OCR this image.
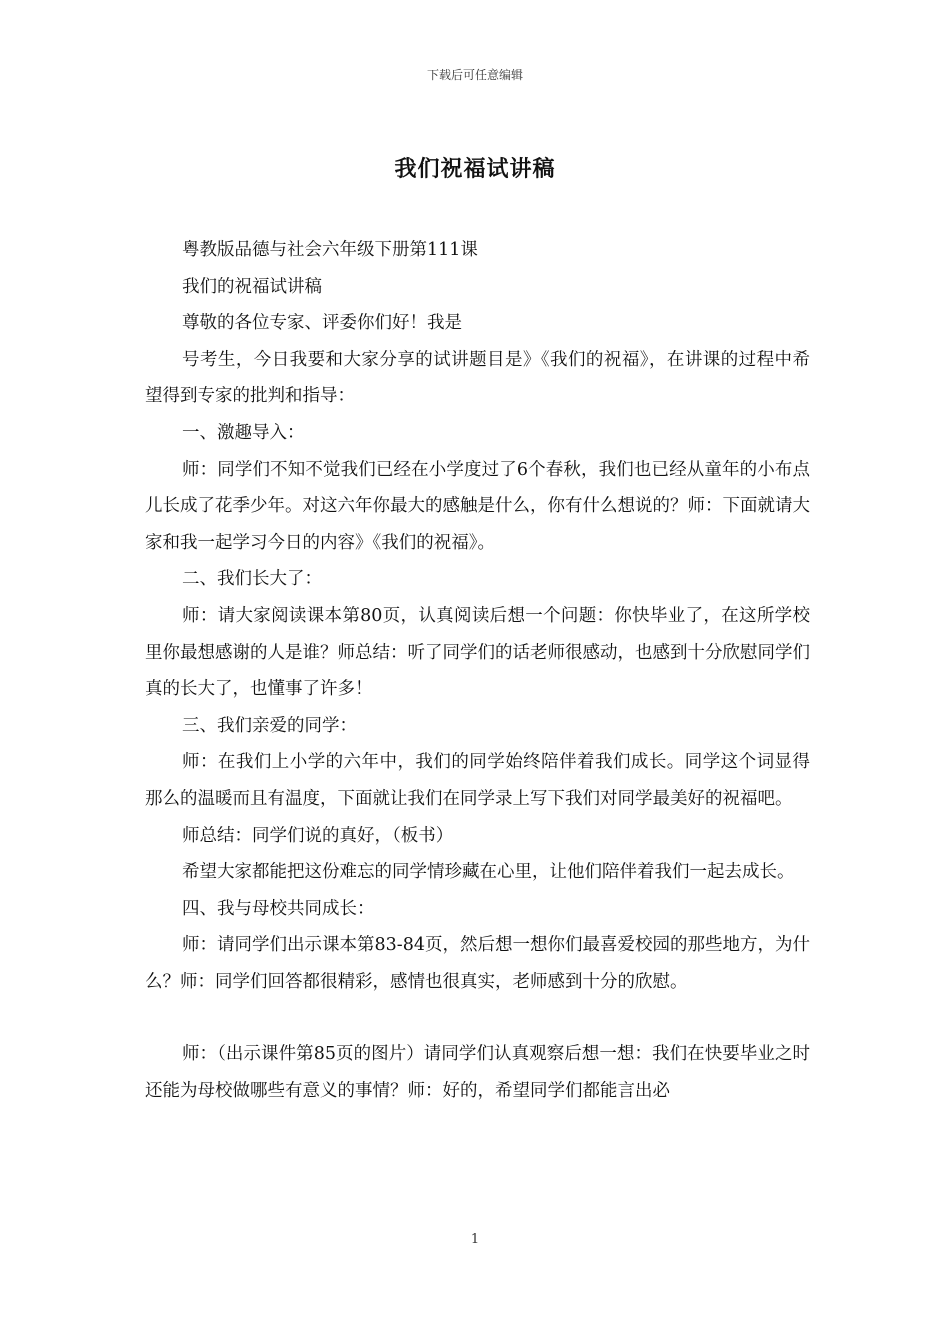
下载后可任意编辑
我们祝福试讲稿

粤教版品德与社会六年级下册第111课

我们的祝福试讲稿

尊敬的各位专家、评委你们好！我是

号考生，今日我要和大家分享的试讲题目是》《我们的祝福》，在讲课的过程中希望得到专家的批判和指导：

一、激趣导入：

师：同学们不知不觉我们已经在小学度过了6个春秋，我们也已经从童年的小布点儿长成了花季少年。对这六年你最大的感触是什么，你有什么想说的？师：下面就请大家和我一起学习今日的内容》《我们的祝福》。

二、我们长大了：

师：请大家阅读课本第80页，认真阅读后想一个问题：你快毕业了，在这所学校里你最想感谢的人是谁？师总结：听了同学们的话老师很感动，也感到十分欣慰同学们真的长大了，也懂事了许多！

三、我们亲爱的同学：

师：在我们上小学的六年中，我们的同学始终陪伴着我们成长。同学这个词显得那么的温暖而且有温度，下面就让我们在同学录上写下我们对同学最美好的祝福吧。

师总结：同学们说的真好，（板书）

希望大家都能把这份难忘的同学情珍藏在心里，让他们陪伴着我们一起去成长。

四、我与母校共同成长：

师：请同学们出示课本第83-84页，然后想一想你们最喜爱校园的那些地方，为什么？师：同学们回答都很精彩，感情也很真实，老师感到十分的欣慰。

师：（出示课件第85页的图片）请同学们认真观察后想一想：我们在快要毕业之时还能为母校做哪些有意义的事情？师：好的，希望同学们都能言出必

1
